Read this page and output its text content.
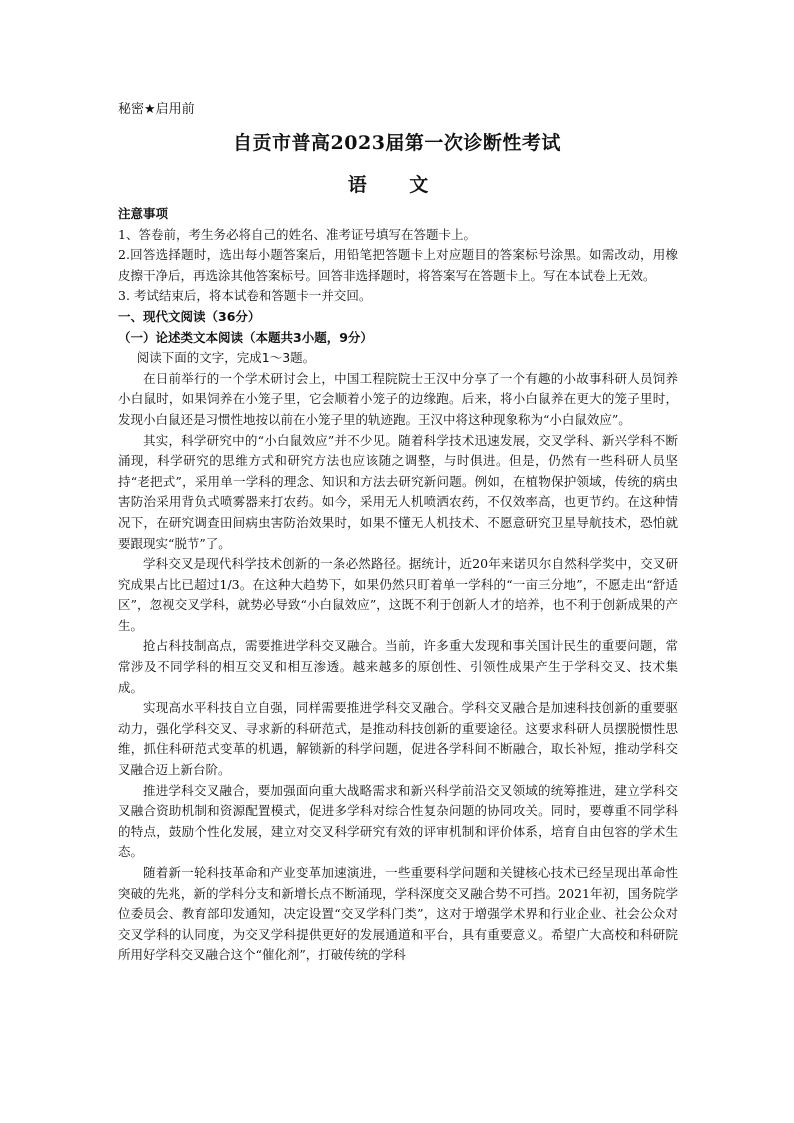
秘密★启用前
自贡市普高2023届第一次诊断性考试
语 文

注意事项

1、答卷前，考生务必将自己的姓名、准考证号填写在答题卡上。

2.回答选择题时，选出每小题答案后，用铅笔把答题卡上对应题目的答案标号涂黑。如需改动，用橡皮擦干净后，再选涂其他答案标号。回答非选择题时，将答案写在答题卡上。写在本试卷上无效。

3. 考试结束后，将本试卷和答题卡一并交回。

一、现代文阅读（36分）

（一）论述类文本阅读（本题共3小题，9分）

阅读下面的文字，完成1～3题。

在日前举行的一个学术研讨会上，中国工程院院士王汉中分享了一个有趣的小故事科研人员饲养小白鼠时，如果饲养在小笼子里，它会顺着小笼子的边缘跑。后来，将小白鼠养在更大的笼子里时，发现小白鼠还是习惯性地按以前在小笼子里的轨迹跑。王汉中将这种现象称为“小白鼠效应”。

其实，科学研究中的“小白鼠效应”并不少见。随着科学技术迅速发展，交叉学科、新兴学科不断涌现，科学研究的思维方式和研究方法也应该随之调整，与时俱进。但是，仍然有一些科研人员坚持“老把式”，采用单一学科的理念、知识和方法去研究新问题。例如，在植物保护领域，传统的病虫害防治采用背负式喷雾器来打农药。如今，采用无人机喷洒农药，不仅效率高，也更节约。在这种情况下，在研究调查田间病虫害防治效果时，如果不懂无人机技术、不愿意研究卫星导航技术，恐怕就要跟现实“脱节”了。

学科交叉是现代科学技术创新的一条必然路径。据统计，近20年来诺贝尔自然科学奖中，交叉研究成果占比已超过1/3。在这种大趋势下，如果仍然只盯着单一学科的“一亩三分地”，不愿走出“舒适区”，忽视交叉学科，就势必导致“小白鼠效应”，这既不利于创新人才的培养，也不利于创新成果的产生。

抢占科技制高点，需要推进学科交叉融合。当前，许多重大发现和事关国计民生的重要问题，常常涉及不同学科的相互交叉和相互渗透。越来越多的原创性、引领性成果产生于学科交叉、技术集成。

实现高水平科技自立自强，同样需要推进学科交叉融合。学科交叉融合是加速科技创新的重要驱动力，强化学科交叉、寻求新的科研范式，是推动科技创新的重要途径。这要求科研人员摆脱惯性思维，抓住科研范式变革的机遇，解锁新的科学问题，促进各学科间不断融合，取长补短，推动学科交叉融合迈上新台阶。

推进学科交叉融合，要加强面向重大战略需求和新兴科学前沿交叉领域的统筹推进，建立学科交叉融合资助机制和资源配置模式，促进多学科对综合性复杂问题的协同攻关。同时，要尊重不同学科的特点，鼓励个性化发展，建立对交叉科学研究有效的评审机制和评价体系，培育自由包容的学术生态。

随着新一轮科技革命和产业变革加速演进，一些重要科学问题和关键核心技术已经呈现出革命性突破的先兆，新的学科分支和新增长点不断涌现，学科深度交叉融合势不可挡。2021年初，国务院学位委员会、教育部印发通知，决定设置“交叉学科门类”，这对于增强学术界和行业企业、社会公众对交叉学科的认同度，为交叉学科提供更好的发展通道和平台，具有重要意义。希望广大高校和科研院所用好学科交叉融合这个“催化剂”，打破传统的学科
